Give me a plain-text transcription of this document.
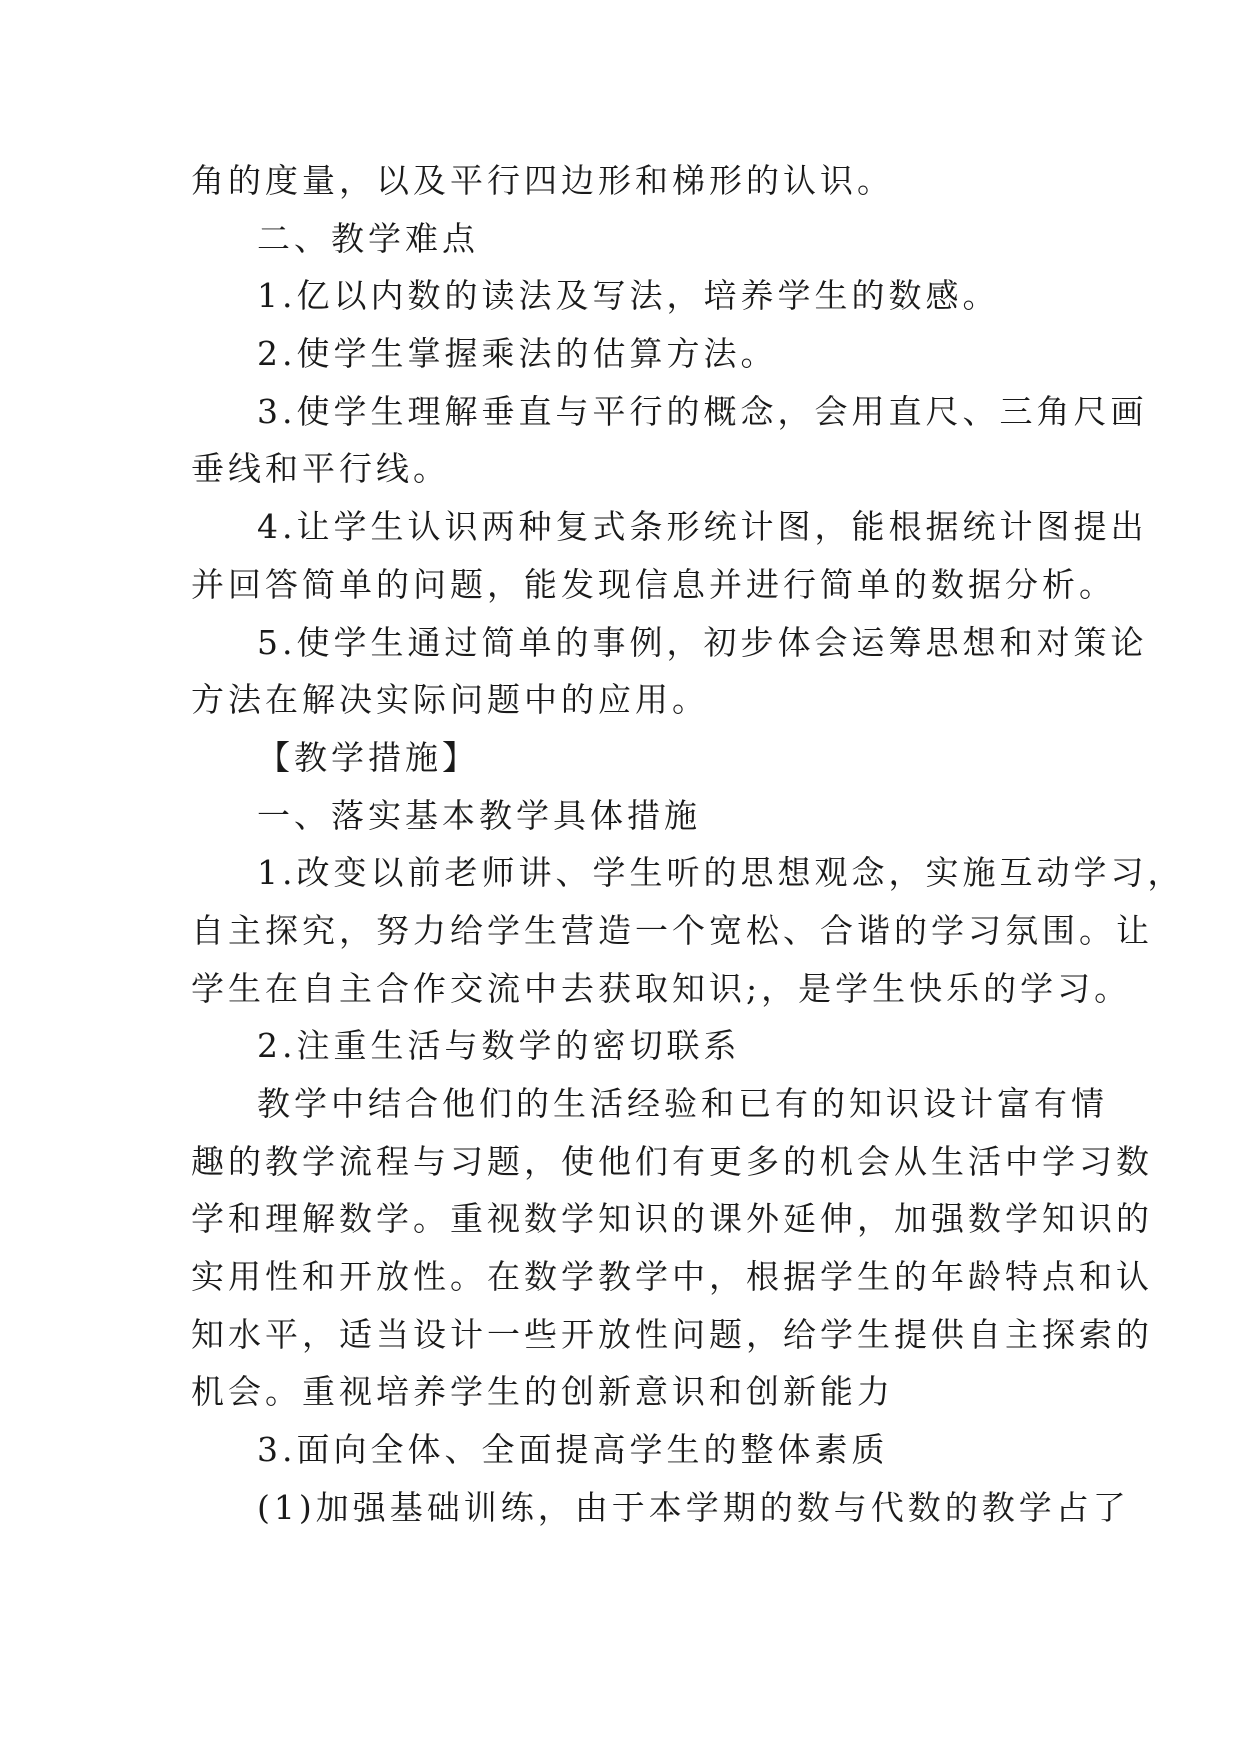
角的度量，以及平行四边形和梯形的认识。
二、教学难点
1.亿以内数的读法及写法，培养学生的数感。
2.使学生掌握乘法的估算方法。
3.使学生理解垂直与平行的概念，会用直尺、三角尺画
垂线和平行线。
4.让学生认识两种复式条形统计图，能根据统计图提出
并回答简单的问题，能发现信息并进行简单的数据分析。
5.使学生通过简单的事例，初步体会运筹思想和对策论
方法在解决实际问题中的应用。
【教学措施】
一、落实基本教学具体措施
1.改变以前老师讲、学生听的思想观念，实施互动学习，
自主探究，努力给学生营造一个宽松、合谐的学习氛围。让
学生在自主合作交流中去获取知识;，是学生快乐的学习。
2.注重生活与数学的密切联系
教学中结合他们的生活经验和已有的知识设计富有情
趣的教学流程与习题，使他们有更多的机会从生活中学习数
学和理解数学。重视数学知识的课外延伸，加强数学知识的
实用性和开放性。在数学教学中，根据学生的年龄特点和认
知水平，适当设计一些开放性问题，给学生提供自主探索的
机会。重视培养学生的创新意识和创新能力
3.面向全体、全面提高学生的整体素质
(1)加强基础训练，由于本学期的数与代数的教学占了
